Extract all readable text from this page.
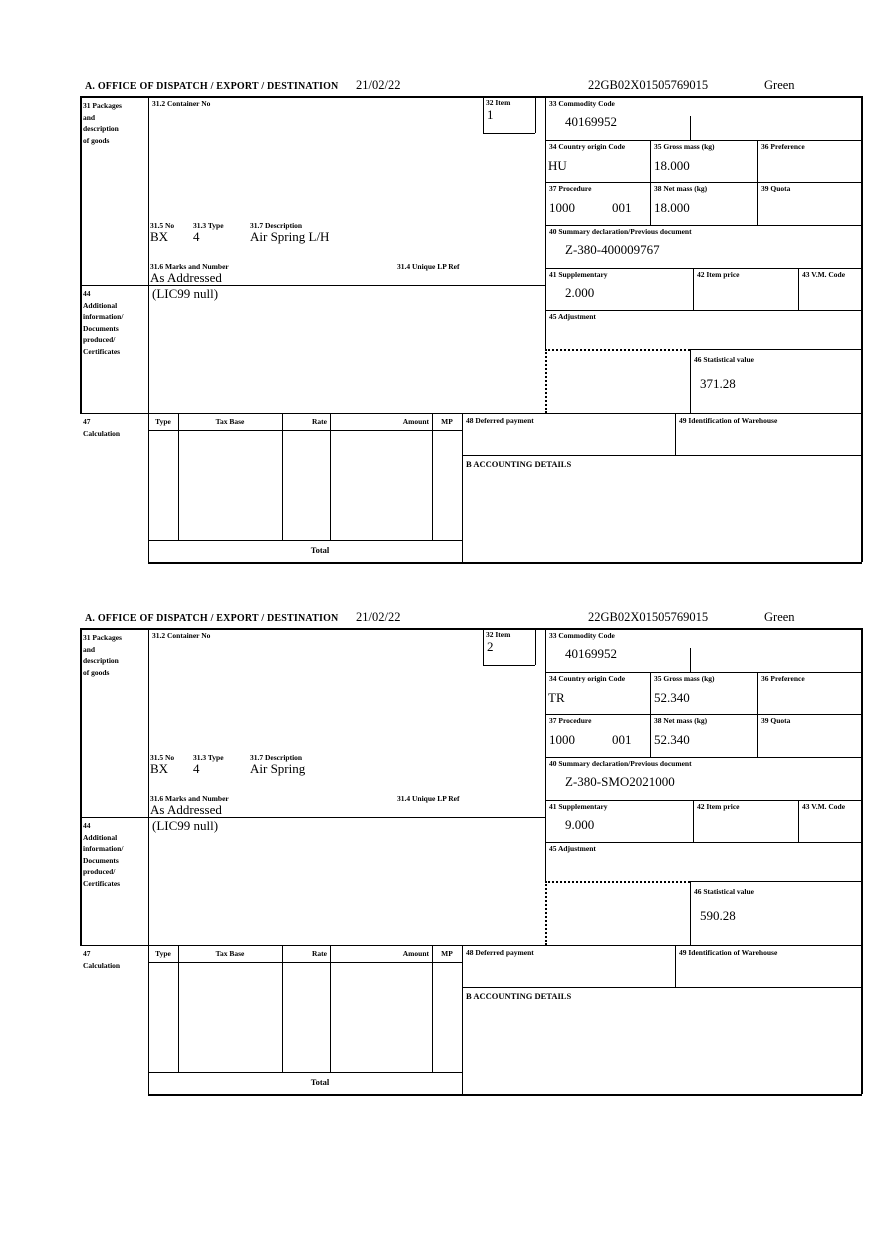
A. OFFICE OF DISPATCH / EXPORT / DESTINATION 21/02/22	22GB02X01505769015	Green
31 Packages
and
description
of goods
31.2 Container No	32 Item
1
33 Commodity Code
40169952
34 Country origin Code
HU
35 Gross mass (kg)
18.000
36 Preference
37 Procedure
1000	001
38 Net mass (kg)
18.000
39 Quota
40 Summary declaration/Previous document
Z-380-400009767
41 Supplementary
2.000
42 Item price	43 V.M. Code
45 Adjustment
46 Statistical value
371.28
31.5 No	31.3 Type	31.7 Description
BX 4	Air Spring L/H
31.6 Marks and Number	31.4 Unique LP Ref
As Addressed
44
Additional
information/
Documents
produced/
Certificates
(LIC99 null)
47
Calculation
Type	Tax Base	Rate	Amount	MP	48 Deferred payment	49 Identification of Warehouse
B ACCOUNTING DETAILS
Total
A. OFFICE OF DISPATCH / EXPORT / DESTINATION 21/02/22	22GB02X01505769015	Green
31 Packages
and
description
of goods
31.2 Container No	32 Item
2
33 Commodity Code
40169952
34 Country origin Code
TR
35 Gross mass (kg)
52.340
36 Preference
37 Procedure
1000	001
38 Net mass (kg)
52.340
39 Quota
40 Summary declaration/Previous document
Z-380-SMO2021000
41 Supplementary
9.000
42 Item price	43 V.M. Code
45 Adjustment
46 Statistical value
590.28
31.5 No	31.3 Type	31.7 Description
BX 4	Air Spring
31.6 Marks and Number	31.4 Unique LP Ref
As Addressed
44
Additional
information/
Documents
produced/
Certificates
(LIC99 null)
47
Calculation
Type	Tax Base	Rate	Amount	MP	48 Deferred payment	49 Identification of Warehouse
B ACCOUNTING DETAILS
Total
